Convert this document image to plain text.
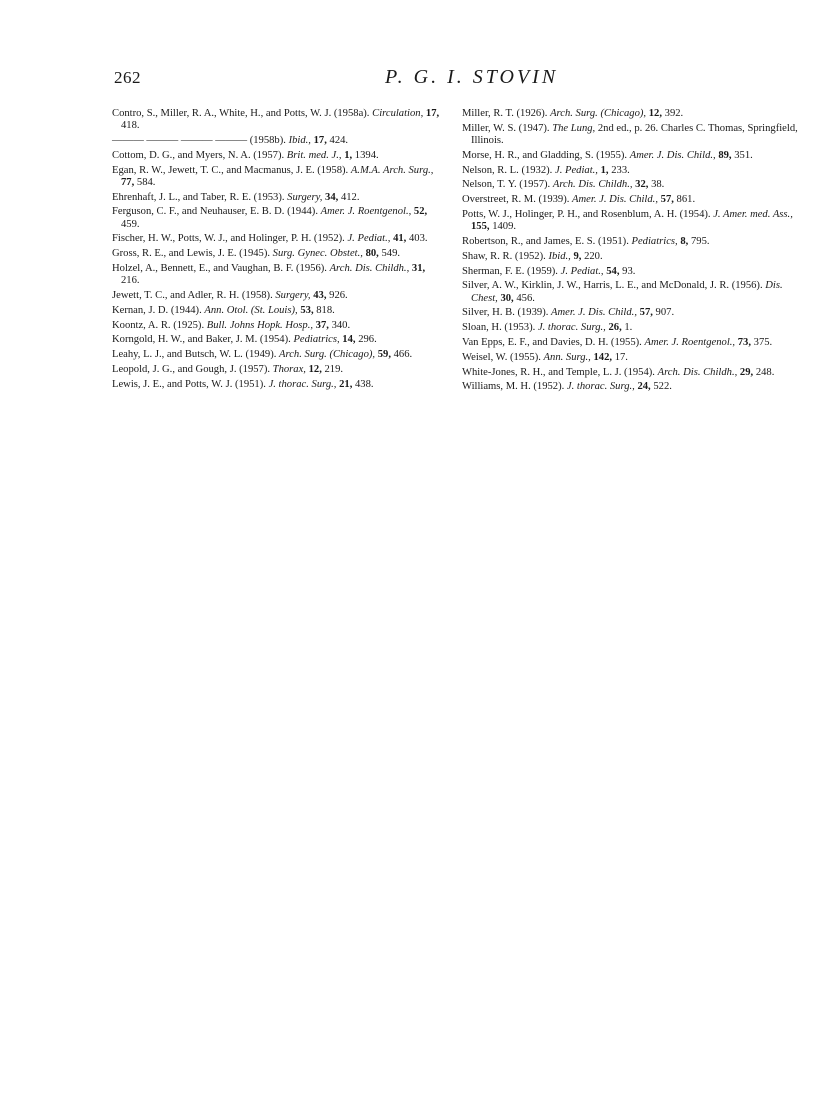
262	P. G. I. STOVIN
Contro, S., Miller, R. A., White, H., and Potts, W. J. (1958a). Circulation, 17, 418.
——— ——— ——— ——— (1958b). Ibid., 17, 424.
Cottom, D. G., and Myers, N. A. (1957). Brit. med. J., 1, 1394.
Egan, R. W., Jewett, T. C., and Macmanus, J. E. (1958). A.M.A. Arch. Surg., 77, 584.
Ehrenhaft, J. L., and Taber, R. E. (1953). Surgery, 34, 412.
Ferguson, C. F., and Neuhauser, E. B. D. (1944). Amer. J. Roentgenol., 52, 459.
Fischer, H. W., Potts, W. J., and Holinger, P. H. (1952). J. Pediat., 41, 403.
Gross, R. E., and Lewis, J. E. (1945). Surg. Gynec. Obstet., 80, 549.
Holzel, A., Bennett, E., and Vaughan, B. F. (1956). Arch. Dis. Childh., 31, 216.
Jewett, T. C., and Adler, R. H. (1958). Surgery, 43, 926.
Kernan, J. D. (1944). Ann. Otol. (St. Louis), 53, 818.
Koontz, A. R. (1925). Bull. Johns Hopk. Hosp., 37, 340.
Korngold, H. W., and Baker, J. M. (1954). Pediatrics, 14, 296.
Leahy, L. J., and Butsch, W. L. (1949). Arch. Surg. (Chicago), 59, 466.
Leopold, J. G., and Gough, J. (1957). Thorax, 12, 219.
Lewis, J. E., and Potts, W. J. (1951). J. thorac. Surg., 21, 438.
Miller, R. T. (1926). Arch. Surg. (Chicago), 12, 392.
Miller, W. S. (1947). The Lung, 2nd ed., p. 26. Charles C. Thomas, Springfield, Illinois.
Morse, H. R., and Gladding, S. (1955). Amer. J. Dis. Child., 89, 351.
Nelson, R. L. (1932). J. Pediat., 1, 233.
Nelson, T. Y. (1957). Arch. Dis. Childh., 32, 38.
Overstreet, R. M. (1939). Amer. J. Dis. Child., 57, 861.
Potts, W. J., Holinger, P. H., and Rosenblum, A. H. (1954). J. Amer. med. Ass., 155, 1409.
Robertson, R., and James, E. S. (1951). Pediatrics, 8, 795.
Shaw, R. R. (1952). Ibid., 9, 220.
Sherman, F. E. (1959). J. Pediat., 54, 93.
Silver, A. W., Kirklin, J. W., Harris, L. E., and McDonald, J. R. (1956). Dis. Chest, 30, 456.
Silver, H. B. (1939). Amer. J. Dis. Child., 57, 907.
Sloan, H. (1953). J. thorac. Surg., 26, 1.
Van Epps, E. F., and Davies, D. H. (1955). Amer. J. Roentgenol., 73, 375.
Weisel, W. (1955). Ann. Surg., 142, 17.
White-Jones, R. H., and Temple, L. J. (1954). Arch. Dis. Childh., 29, 248.
Williams, M. H. (1952). J. thorac. Surg., 24, 522.
